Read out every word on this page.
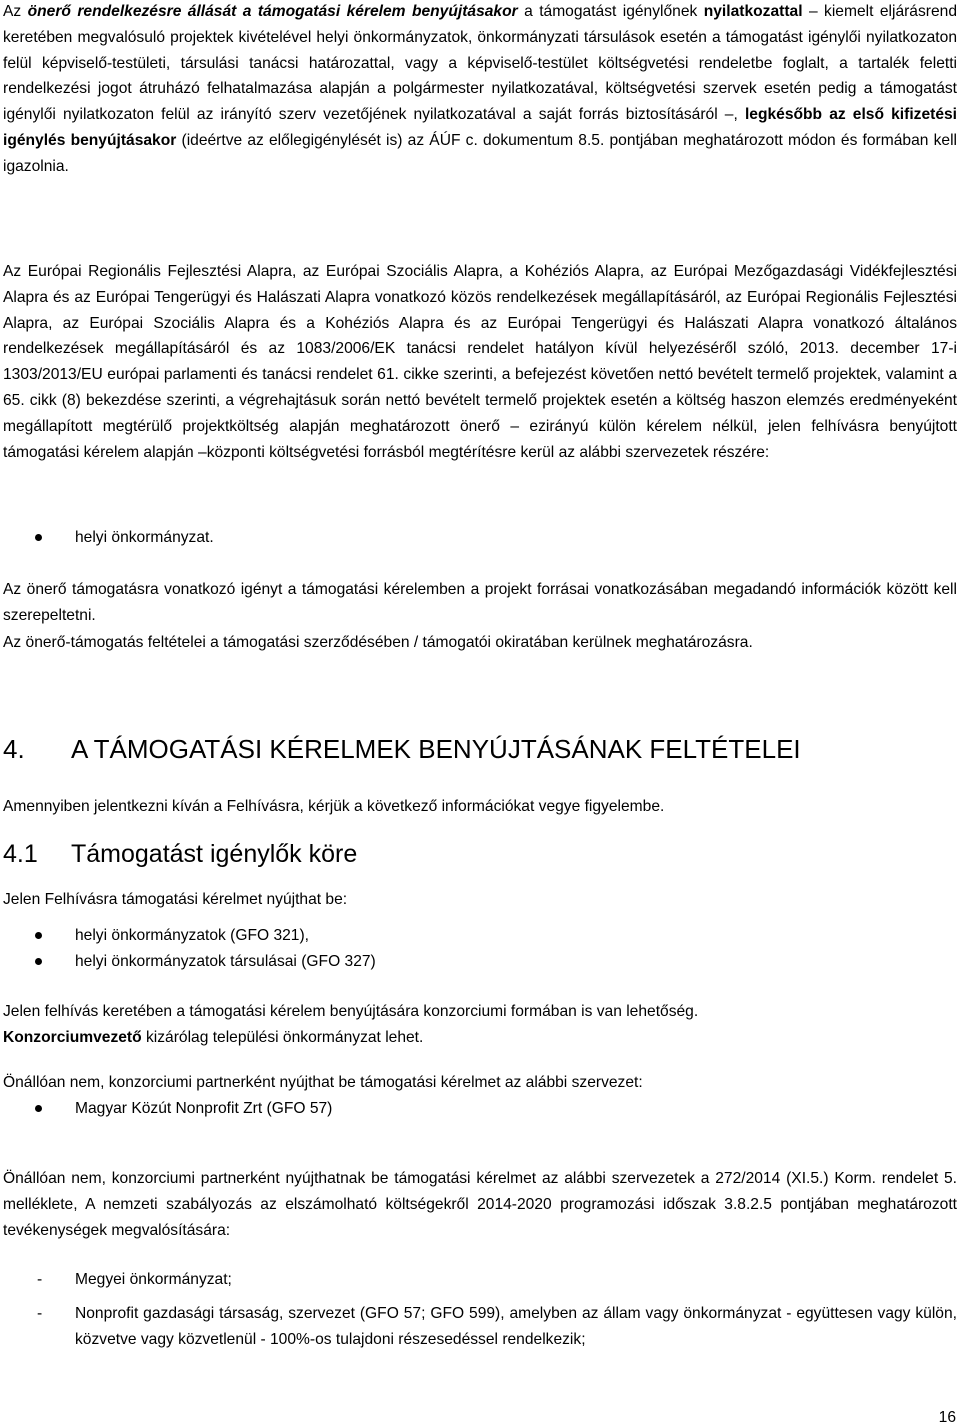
Az önerő rendelkezésre állását a támogatási kérelem benyújtásakor a támogatást igénylőnek nyilatkozattal – kiemelt eljárásrend keretében megvalósuló projektek kivételével helyi önkormányzatok, önkormányzati társulások esetén a támogatást igénylői nyilatkozaton felül képviselő-testületi, társulási tanácsi határozattal, vagy a képviselő-testület költségvetési rendeletbe foglalt, a tartalék feletti rendelkezési jogot átruházó felhatalmazása alapján a polgármester nyilatkozatával, költségvetési szervek esetén pedig a támogatást igénylői nyilatkozaton felül az irányító szerv vezetőjének nyilatkozatával a saját forrás biztosításáról –, legkésőbb az első kifizetési igénylés benyújtásakor (ideértve az előlegigénylését is) az ÁÚF c. dokumentum 8.5. pontjában meghatározott módon és formában kell igazolnia.

Az Európai Regionális Fejlesztési Alapra, az Európai Szociális Alapra, a Kohéziós Alapra, az Európai Mezőgazdasági Vidékfejlesztési Alapra és az Európai Tengerügyi és Halászati Alapra vonatkozó közös rendelkezések megállapításáról, az Európai Regionális Fejlesztési Alapra, az Európai Szociális Alapra és a Kohéziós Alapra és az Európai Tengerügyi és Halászati Alapra vonatkozó általános rendelkezések megállapításáról és az 1083/2006/EK tanácsi rendelet hatályon kívül helyezéséről szóló, 2013. december 17-i 1303/2013/EU európai parlamenti és tanácsi rendelet 61. cikke szerinti, a befejezést követően nettó bevételt termelő projektek, valamint a 65. cikk (8) bekezdése szerinti, a végrehajtásuk során nettó bevételt termelő projektek esetén a költség haszon elemzés eredményeként megállapított megtérülő projektköltség alapján meghatározott önerő – ezirányú külön kérelem nélkül, jelen felhívásra benyújtott támogatási kérelem alapján –központi költségvetési forrásból megtérítésre kerül az alábbi szervezetek részére:

helyi önkormányzat.

Az önerő támogatásra vonatkozó igényt a támogatási kérelemben a projekt forrásai vonatkozásában megadandó információk között kell szerepeltetni.

Az önerő-támogatás feltételei a támogatási szerződésében / támogatói okiratában kerülnek meghatározásra.

4. A TÁMOGATÁSI KÉRELMEK BENYÚJTÁSÁNAK FELTÉTELEI

Amennyiben jelentkezni kíván a Felhívásra, kérjük a következő információkat vegye figyelembe.

4.1 Támogatást igénylők köre

Jelen Felhívásra támogatási kérelmet nyújthat be:

helyi önkormányzatok (GFO 321),
helyi önkormányzatok társulásai (GFO 327)

Jelen felhívás keretében a támogatási kérelem benyújtására konzorciumi formában is van lehetőség.
Konzorciumvezető kizárólag települési önkormányzat lehet.

Önállóan nem, konzorciumi partnerként nyújthat be támogatási kérelmet az alábbi szervezet:

Magyar Közút Nonprofit Zrt (GFO 57)

Önállóan nem, konzorciumi partnerként nyújthatnak be támogatási kérelmet az alábbi szervezetek a 272/2014 (XI.5.) Korm. rendelet 5. melléklete, A nemzeti szabályozás az elszámolható költségekről 2014-2020 programozási időszak 3.8.2.5 pontjában meghatározott tevékenységek megvalósítására:

- Megyei önkormányzat;
- Nonprofit gazdasági társaság, szervezet (GFO 57; GFO 599), amelyben az állam vagy önkormányzat - együttesen vagy külön, közvetve vagy közvetlenül - 100%-os tulajdoni részesedéssel rendelkezik;
16
